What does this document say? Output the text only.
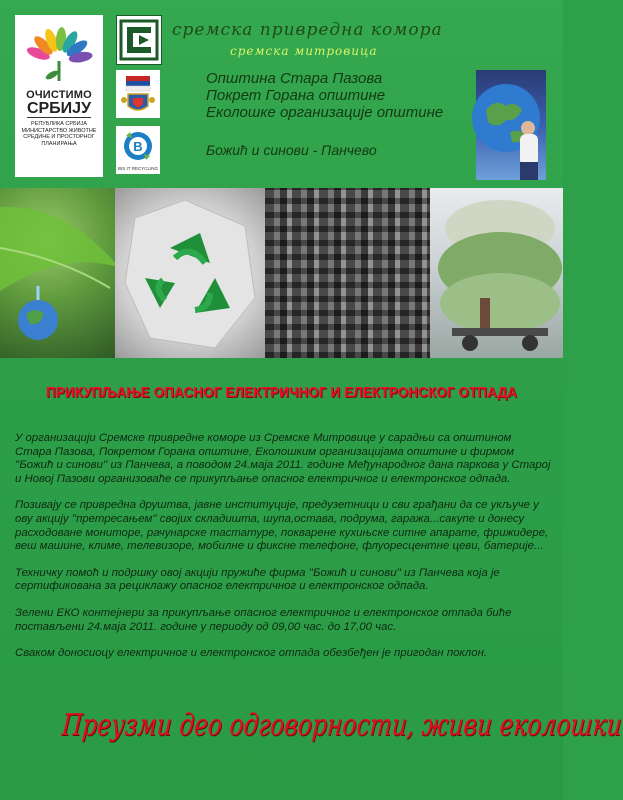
ОЧИСТИМО
СРБИЈУ
РЕПУБЛИКА СРБИЈА МИНИСТАРСТВО ЖИВОТНЕ СРЕДИНЕ И ПРОСТОРНОГ ПЛАНИРАЊА
сремска привредна комора
сремска митровица
B
BIS IT RECYCLING
Општина Стара Пазова
Покрет Горана општине
Еколошке организације општине
Божић и синови - Панчево
ПРИКУПЉАЊЕ ОПАСНОГ ЕЛЕКТРИЧНОГ И ЕЛЕКТРОНСКОГ ОТПАДА

У организацији Сремске привредне коморе из Сремске Митровице у сарадњи са општином Стара Пазова, Покретом Горана општине, Еколошким организацијама општине и фирмом ''Божић и синови'' из Панчева, а поводом 24.маја 2011. године Међународног дана паркова у Старој и Новој Пазови организоваће се прикупљање опасног електричног и електронског одпада.

Позивају се привредна друштва, јавне институције, предузетници и сви грађани да се укључе у ову акцију ''претресањем'' својих складишта, шупа,остава, подрума, гаража...сакупе и донесу расходоване мониторе, рачунарске тастатуре, покварене кухињске ситне апарате, фрижидере, веш машине, климе, телевизоре, мобилне и фиксне телефоне, флуоресцентне цеви, батерије...

Техничку помоћ и подршку овој акцији пружиће фирма ''Божић и синови'' из Панчева која је сертификована за рециклажу опасног електричног и електронског одпада.

Зелени ЕКО контејнери за прикупљање опасног електричног и електронског отпада биће постављени 24.маја 2011. године у периоду од 09,00 час. до 17,00 час.

Сваком доносиоцу електричног и електронског отпада обезбеђен је пригодан поклон.

Преузми део одговорности, живи еколошки
